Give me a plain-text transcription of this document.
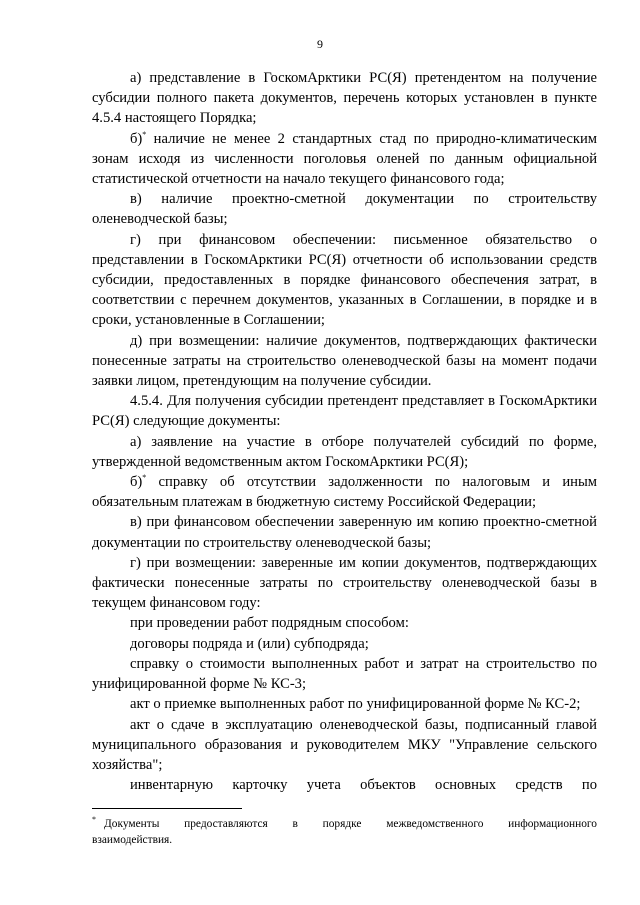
9

а) представление в ГоскомАрктики РС(Я) претендентом на получение субсидии полного пакета документов, перечень которых установлен в пункте 4.5.4 настоящего Порядка;

б)* наличие не менее 2 стандартных стад по природно-климатическим зонам исходя из численности поголовья оленей по данным официальной статистической отчетности на начало текущего финансового года;

в) наличие проектно-сметной документации по строительству оленеводческой базы;

г) при финансовом обеспечении: письменное обязательство о представлении в ГоскомАрктики РС(Я) отчетности об использовании средств субсидии, предоставленных в порядке финансового обеспечения затрат, в соответствии с перечнем документов, указанных в Соглашении, в порядке и в сроки, установленные в Соглашении;

д) при возмещении: наличие документов, подтверждающих фактически понесенные затраты на строительство оленеводческой базы на момент подачи заявки лицом, претендующим на получение субсидии.

4.5.4. Для получения субсидии претендент представляет в ГоскомАрктики РС(Я) следующие документы:

а) заявление на участие в отборе получателей субсидий по форме, утвержденной ведомственным актом ГоскомАрктики РС(Я);

б)* справку об отсутствии задолженности по налоговым и иным обязательным платежам в бюджетную систему Российской Федерации;

в) при финансовом обеспечении заверенную им копию проектно-сметной документации по строительству оленеводческой базы;

г) при возмещении: заверенные им копии документов, подтверждающих фактически понесенные затраты по строительству оленеводческой базы в текущем финансовом году:

при проведении работ подрядным способом:

договоры подряда и (или) субподряда;

справку о стоимости выполненных работ и затрат на строительство по унифицированной форме № КС-3;

акт о приемке выполненных работ по унифицированной форме № КС-2;

акт о сдаче в эксплуатацию оленеводческой базы, подписанный главой муниципального образования и руководителем МКУ "Управление сельского хозяйства";

инвентарную карточку учета объектов основных средств по

* Документы предоставляются в порядке межведомственного информационного взаимодействия.
